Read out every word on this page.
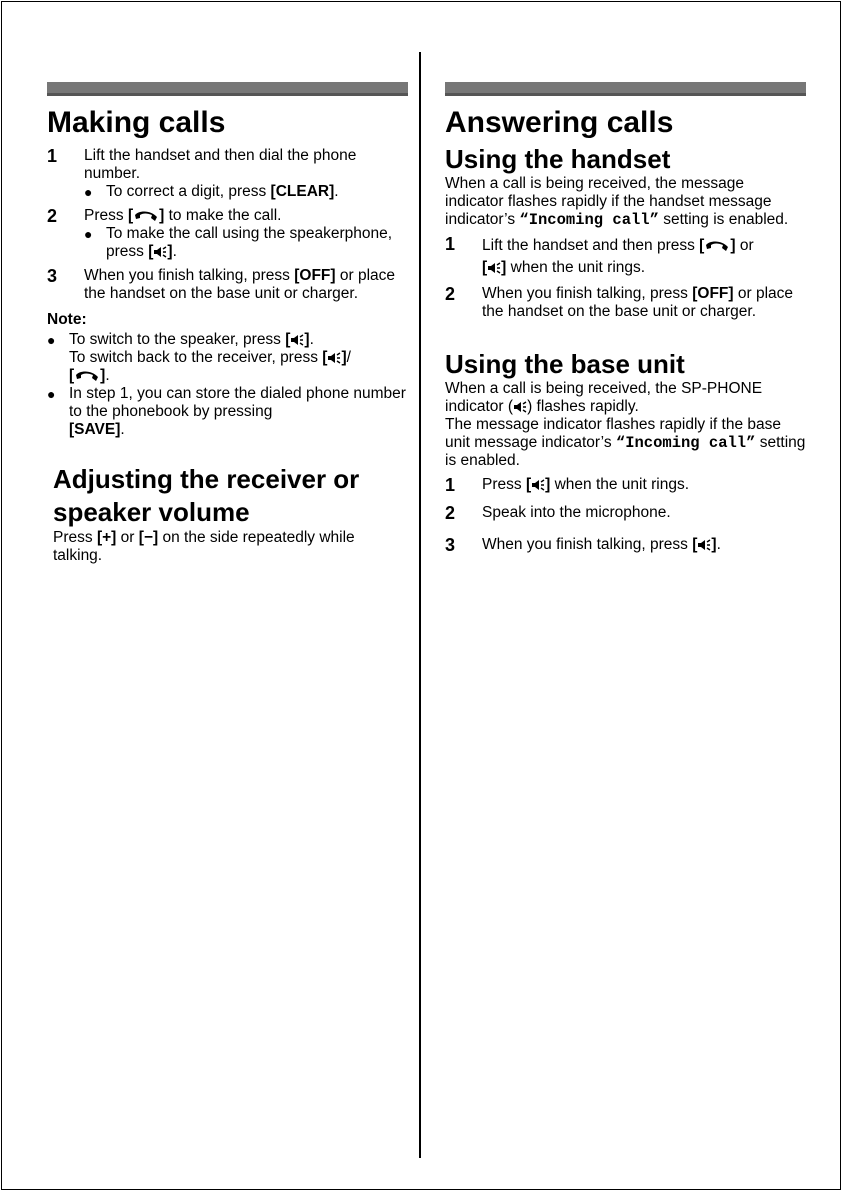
Making calls
1	Lift the handset and then dial the phone number.
● To correct a digit, press [CLEAR].
2	Press [ ] to make the call.
● To make the call using the speakerphone, press [ ].
3	When you finish talking, press [OFF] or place the handset on the base unit or charger.
Note:
● To switch to the speaker, press [ ].
To switch back to the receiver, press [ ]/
[ ].
● In step 1, you can store the dialed phone number to the phonebook by pressing
[SAVE].
Adjusting the receiver or speaker volume

Press [+] or [−] on the side repeatedly while talking.

Answering calls
Using the handset

When a call is being received, the message indicator flashes rapidly if the handset message indicator’s “Incoming call” setting is enabled.

1	Lift the handset and then press [ ] or
[ ] when the unit rings.
2	When you finish talking, press [OFF] or place the handset on the base unit or charger.
Using the base unit

When a call is being received, the SP-PHONE indicator ( ) flashes rapidly.
The message indicator flashes rapidly if the base unit message indicator’s “Incoming call” setting is enabled.

1	Press [ ] when the unit rings.
2	Speak into the microphone.
3	When you finish talking, press [ ].
